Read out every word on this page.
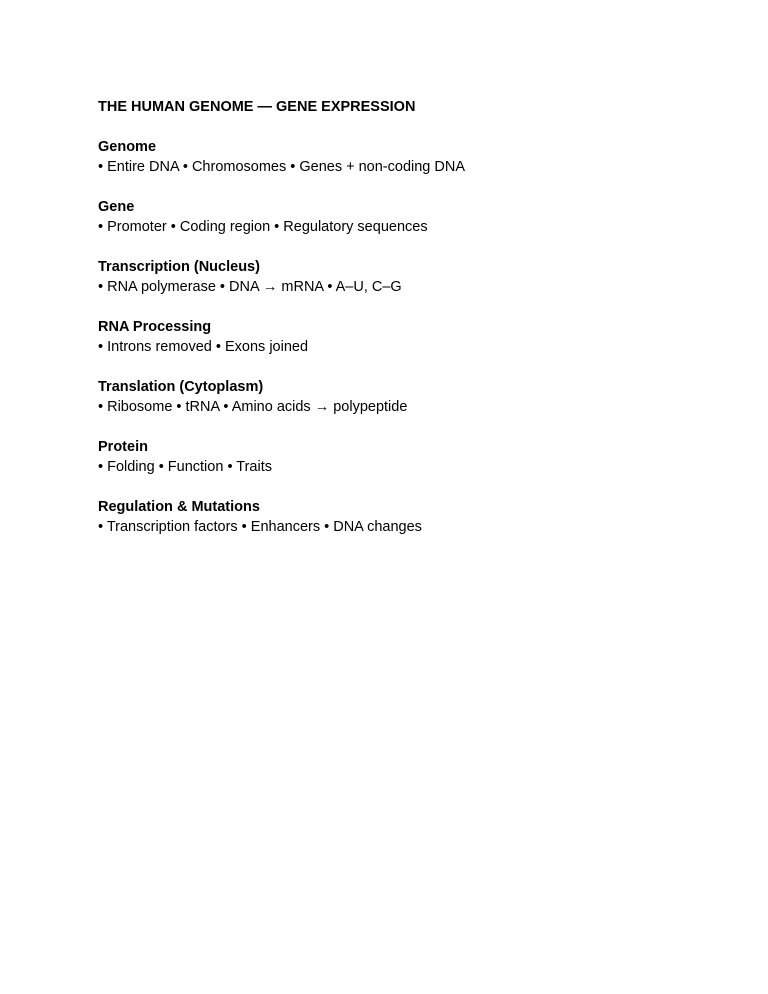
THE HUMAN GENOME — GENE EXPRESSION
Genome
• Entire DNA • Chromosomes • Genes + non-coding DNA
Gene
• Promoter • Coding region • Regulatory sequences
Transcription (Nucleus)
• RNA polymerase • DNA → mRNA • A–U, C–G
RNA Processing
• Introns removed • Exons joined
Translation (Cytoplasm)
• Ribosome • tRNA • Amino acids → polypeptide
Protein
• Folding • Function • Traits
Regulation & Mutations
• Transcription factors • Enhancers • DNA changes
